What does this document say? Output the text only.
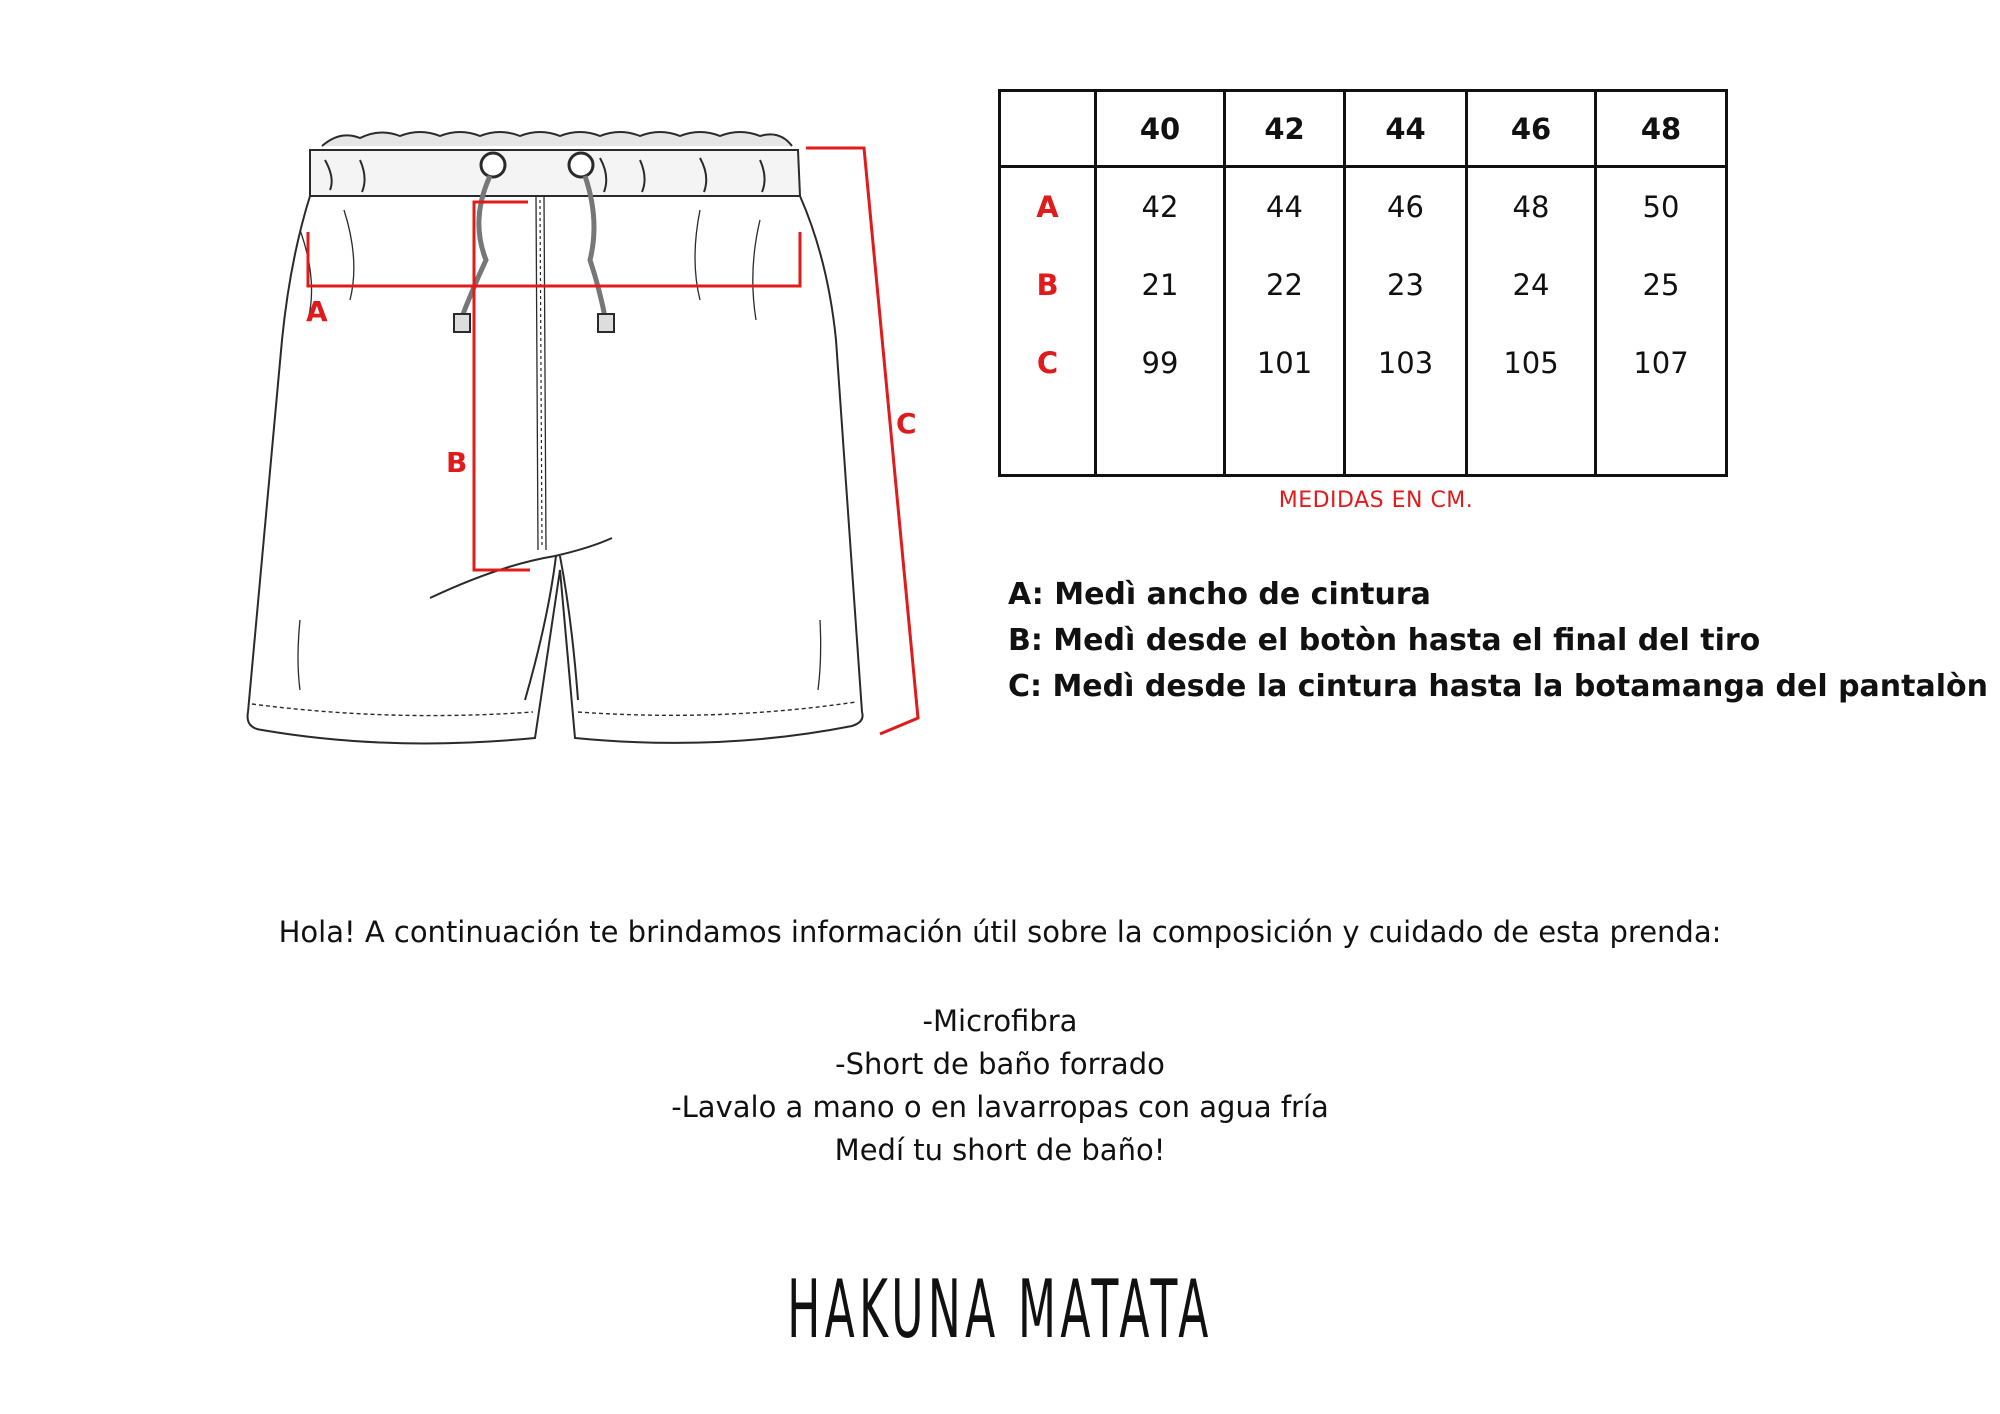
A
B
C
	40	42	44	46	48
A	42	44	46	48	50
B	21	22	23	24	25
C	99	101	103	105	107

MEDIDAS EN CM.
A: Medì ancho de cintura
B: Medì desde el botòn hasta el final del tiro
C: Medì desde la cintura hasta la botamanga del pantalòn
Hola! A continuación te brindamos información útil sobre la composición y cuidado de esta prenda:
-Microfibra
-Short de baño forrado
-Lavalo a mano o en lavarropas con agua fría
Medí tu short de baño!
HAKUNA MATATA
